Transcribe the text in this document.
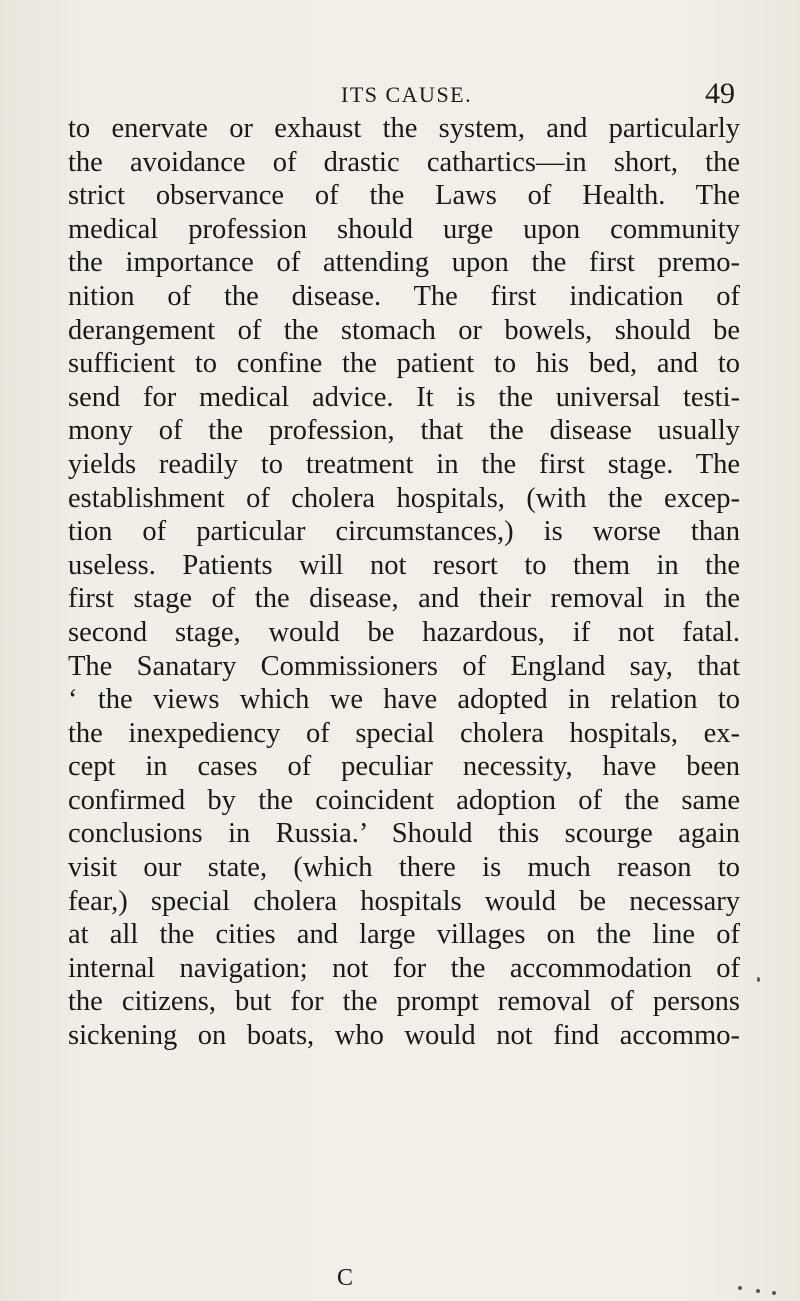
ITS CAUSE.	49
to enervate or exhaust the system, and particularly
the avoidance of drastic cathartics—in short, the
strict observance of the Laws of Health. The
medical profession should urge upon community
the importance of attending upon the first premo-
nition of the disease. The first indication of
derangement of the stomach or bowels, should be
sufficient to confine the patient to his bed, and to
send for medical advice. It is the universal testi-
mony of the profession, that the disease usually
yields readily to treatment in the first stage. The
establishment of cholera hospitals, (with the excep-
tion of particular circumstances,) is worse than
useless. Patients will not resort to them in the
first stage of the disease, and their removal in the
second stage, would be hazardous, if not fatal.
The Sanatary Commissioners of England say, that
‘ the views which we have adopted in relation to
the inexpediency of special cholera hospitals, ex-
cept in cases of peculiar necessity, have been
confirmed by the coincident adoption of the same
conclusions in Russia.’ Should this scourge again
visit our state, (which there is much reason to
fear,) special cholera hospitals would be necessary
at all the cities and large villages on the line of
internal navigation; not for the accommodation of
the citizens, but for the prompt removal of persons
sickening on boats, who would not find accommo-
C
